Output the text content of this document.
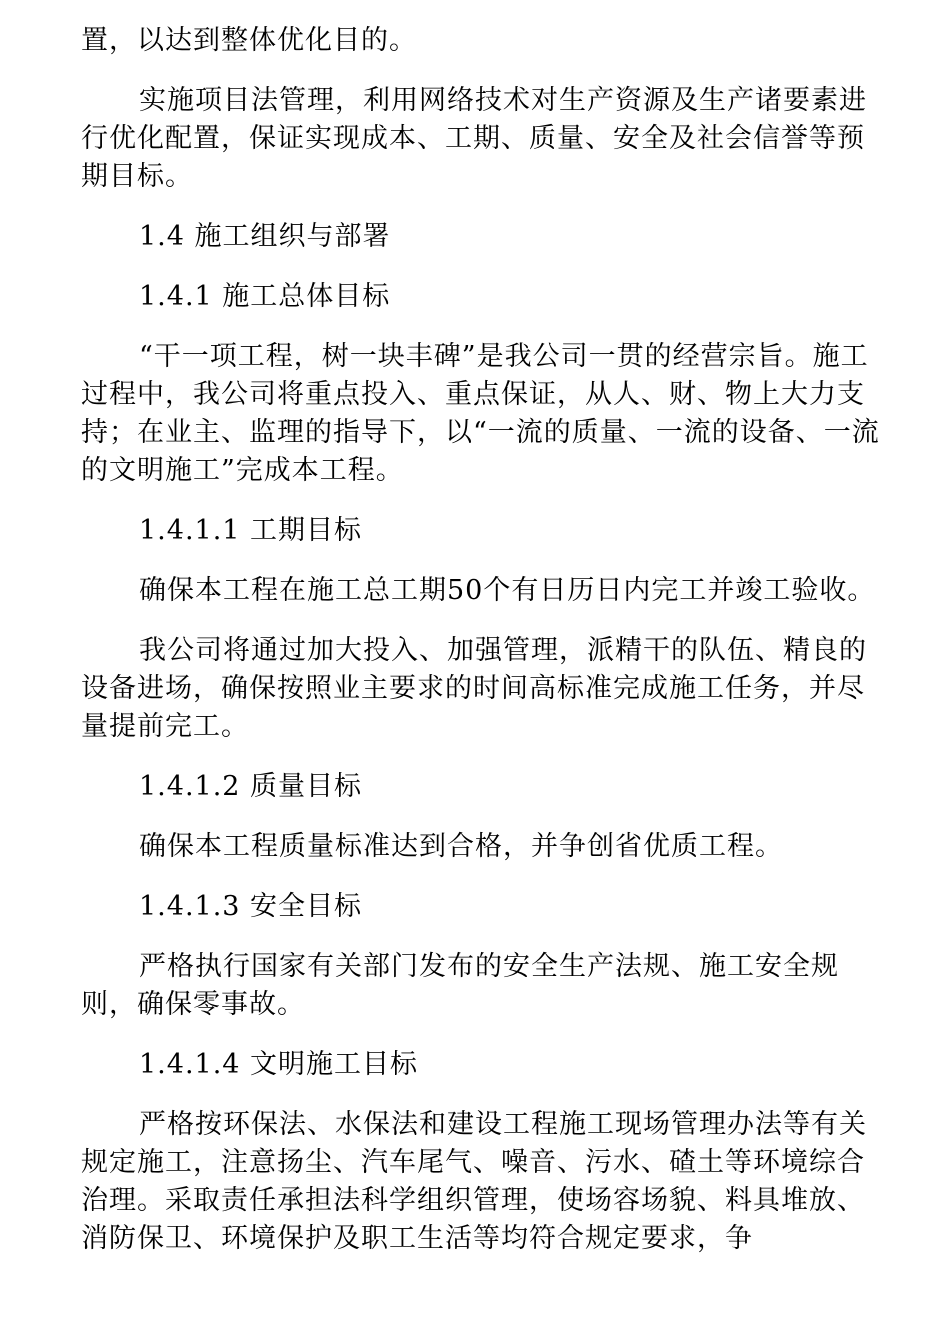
置，以达到整体优化目的。

实施项目法管理，利用网络技术对生产资源及生产诸要素进行优化配置，保证实现成本、工期、质量、安全及社会信誉等预期目标。

1.4 施工组织与部署

1.4.1 施工总体目标

“干一项工程，树一块丰碑”是我公司一贯的经营宗旨。施工过程中，我公司将重点投入、重点保证，从人、财、物上大力支持；在业主、监理的指导下，以“一流的质量、一流的设备、一流的文明施工”完成本工程。

1.4.1.1 工期目标

确保本工程在施工总工期50个有日历日内完工并竣工验收。

我公司将通过加大投入、加强管理，派精干的队伍、精良的设备进场，确保按照业主要求的时间高标准完成施工任务，并尽量提前完工。

1.4.1.2 质量目标

确保本工程质量标准达到合格，并争创省优质工程。

1.4.1.3 安全目标

严格执行国家有关部门发布的安全生产法规、施工安全规则，确保零事故。

1.4.1.4 文明施工目标

严格按环保法、水保法和建设工程施工现场管理办法等有关规定施工，注意扬尘、汽车尾气、噪音、污水、碴土等环境综合治理。采取责任承担法科学组织管理，使场容场貌、料具堆放、消防保卫、环境保护及职工生活等均符合规定要求，争
